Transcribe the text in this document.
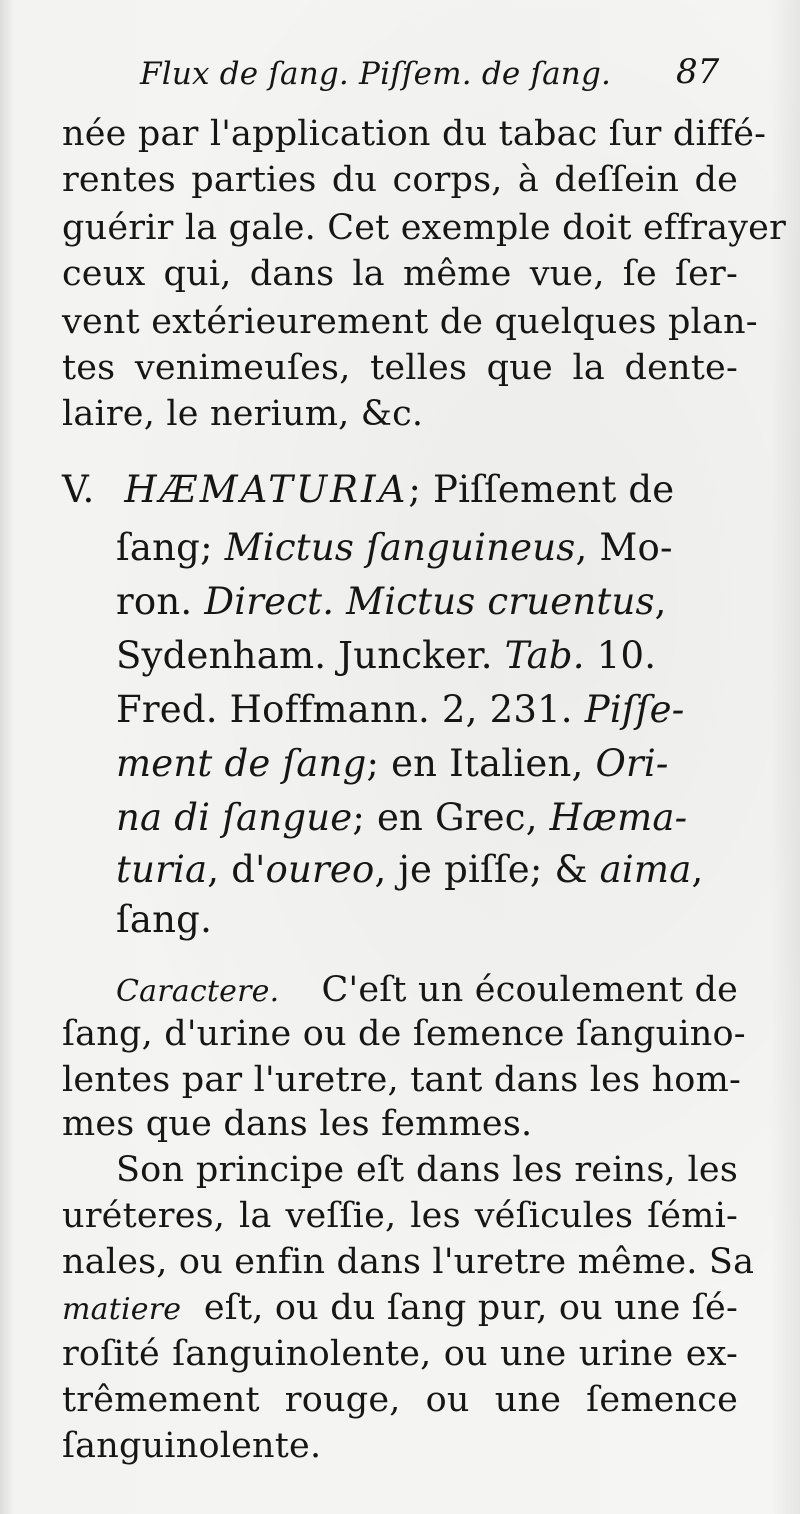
Flux de ſang. Piſſem. de ſang.	87
née par l'application du tabac ſur diffé-
rentes parties du corps, à deſſein de
guérir la gale. Cet exemple doit effrayer
ceux qui, dans la même vue, ſe ſer-
vent extérieurement de quelques plan-
tes venimeuſes, telles que la dente-
laire, le nerium, &c.
V. HÆMATURIA; Piſſement de
ſang; Mictus ſanguineus, Mo-
ron. Direct. Mictus cruentus,
Sydenham. Juncker. Tab. 10.
Fred. Hoffmann. 2, 231. Piſſe-
ment de ſang; en Italien, Ori-
na di ſangue; en Grec, Hæma-
turia, d'oureo, je piſſe; & aima,
ſang.
Caractere. C'eſt un écoulement de
ſang, d'urine ou de ſemence ſanguino-
lentes par l'uretre, tant dans les hom-
mes que dans les femmes.
Son principe eſt dans les reins, les
uréteres, la veſſie, les véſicules ſémi-
nales, ou enfin dans l'uretre même. Sa
matiere eſt, ou du ſang pur, ou une ſé-
roſité ſanguinolente, ou une urine ex-
trêmement rouge, ou une ſemence
ſanguinolente.
